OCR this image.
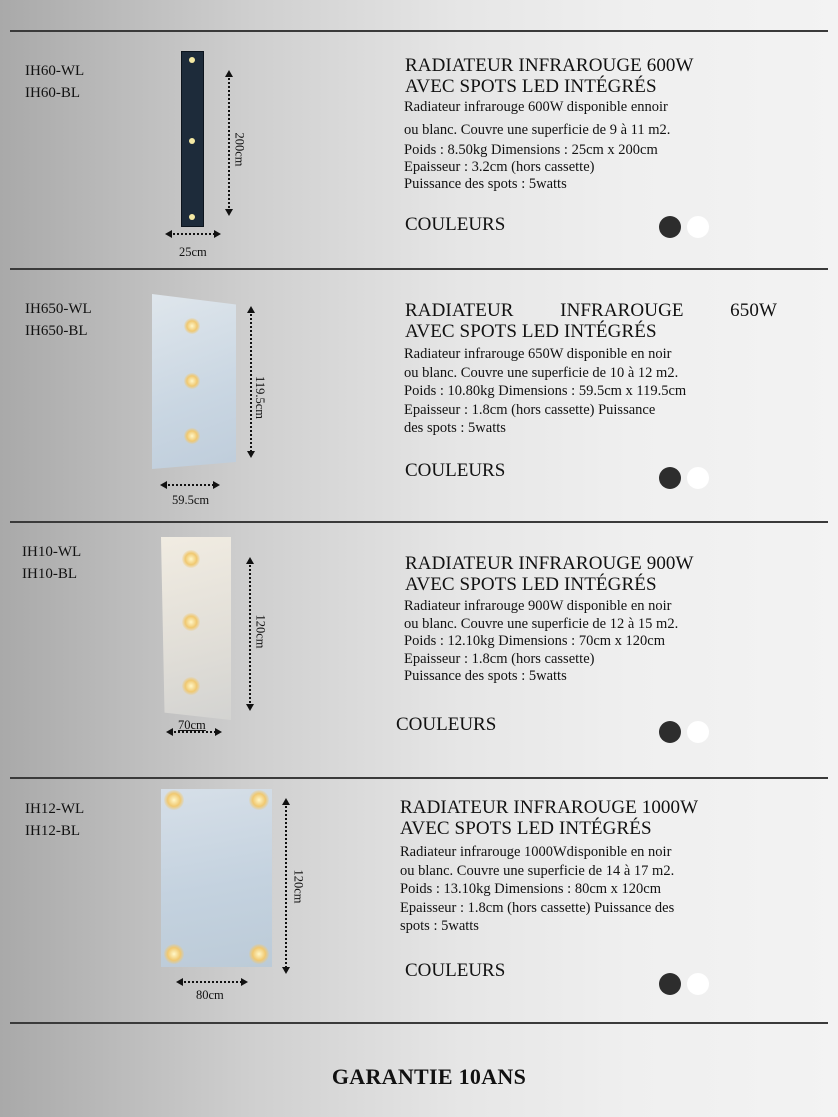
IH60-WL
IH60-BL
200cm
25cm
RADIATEUR INFRAROUGE 600W
AVEC SPOTS LED INTÉGRÉS
Radiateur infrarouge 600W disponible ennoir
ou blanc. Couvre une superficie de 9 à 11 m2.
Poids : 8.50kg Dimensions : 25cm x 200cm
Epaisseur : 3.2cm (hors cassette)
Puissance des spots : 5watts
COULEURS
IH650-WL
IH650-BL
119.5cm
59.5cm
RADIATEUR INFRAROUGE 650W
AVEC SPOTS LED INTÉGRÉS
Radiateur infrarouge 650W disponible en noir
ou blanc. Couvre une superficie de 10 à 12 m2.
Poids : 10.80kg Dimensions : 59.5cm x 119.5cm
Epaisseur : 1.8cm (hors cassette) Puissance
des spots : 5watts
COULEURS
IH10-WL
IH10-BL
120cm
70cm
RADIATEUR INFRAROUGE 900W
AVEC SPOTS LED INTÉGRÉS
Radiateur infrarouge 900W disponible en noir
ou blanc. Couvre une superficie de 12 à 15 m2.
Poids : 12.10kg Dimensions : 70cm x 120cm
Epaisseur : 1.8cm (hors cassette)
Puissance des spots : 5watts
COULEURS
IH12-WL
IH12-BL
120cm
80cm
RADIATEUR INFRAROUGE 1000W
AVEC SPOTS LED INTÉGRÉS
Radiateur infrarouge 1000Wdisponible en noir
ou blanc. Couvre une superficie de 14 à 17 m2.
Poids : 13.10kg Dimensions : 80cm x 120cm
Epaisseur : 1.8cm (hors cassette) Puissance des
spots : 5watts
COULEURS
GARANTIE 10ANS
